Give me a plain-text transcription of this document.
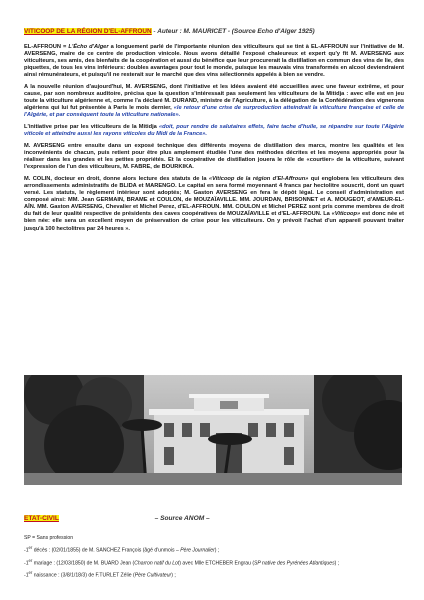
VITICOOP DE LA RÉGION D'EL-AFFROUN - Auteur : M. MAURICET - (Source Echo d'Alger 1925)

EL-AFFROUN = L'Écho d'Alger a longuement parlé de l'importante réunion des viticulteurs qui se tint à EL-AFFROUN sur l'initiative de M. AVERSENG, maire de ce centre de production vinicole. Nous avons détaillé l'exposé chaleureux et expert qu'y fit M. AVERSENG aux viticulteurs, ses amis, des bienfaits de la coopération et aussi du bénéfice que leur procurerait la distillation en commun des vins de lie, des piquettes, de tous les vins inférieurs: doubles avantages pour tout le monde, puisque les mauvais vins transformés en alcool deviendraient ainsi rémunérateurs, et puisqu'il ne resterait sur le marché que des vins sélectionnés appelés à bien se vendre.

A la nouvelle réunion d'aujourd'hui, M. AVERSENG, dont l'initiative et les idées avaient été accueillies avec une faveur extrême, et pour cause, par son nombreux auditoire, précisa que la question s'intéressait pas seulement les viticulteurs de la Mitidja : avec elle est en jeu toute la viticulture algérienne et, comme l'a déclaré M. DURAND, ministre de l'Agriculture, à la délégation de la Confédération des vignerons algériens qui lui fut présentée à Paris le mois dernier, «le retour d'une crise de surproduction atteindrait la viticulture française et celle de l'Algérie, et par conséquent toute la viticulture nationale».

L'initiative prise par les viticulteurs de la Mitidja «doit, pour rendre de salutaires effets, faire tache d'huile, se répandre sur toute l'Algérie viticole et atteindre aussi les rayons viticoles du Midi de la France».

M. AVERSENG entre ensuite dans un exposé technique des différents moyens de distillation des marcs, montre les qualités et les inconvénients de chacun, puis retient pour être plus amplement étudiée l'une des méthodes décrites et les moyens appropriés pour la réaliser dans les grandes et les petites propriétés. Et la coopérative de distillation jouera le rôle de «courtier» de la viticulture, suivant l'expression de l'un des viticulteurs, M. FABRE, de BOURKIKA.

M. COLIN, docteur en droit, donne alors lecture des statuts de la «Viticoop de la région d'El-Affroun» qui englobera les viticulteurs des arrondissements administratifs de BLIDA et MARENGO. Le capital en sera formé moyennant 4 francs par hectolitre souscrit, dont un quart versé. Les statuts, le règlement intérieur sont adoptés; M. Gaston AVERSENG en fera le dépôt légal. Le conseil d'administration est composé ainsi: MM. Jean GERMAIN, BRAME et COULON, de MOUZAÏAVILLE. MM. JOURDAN, BRISONNET et A. MOUGEOT, d'AMEUR-EL-AÏN. MM. Gaston AVERSENG, Chevalier et Michel Perez, d'EL-AFFROUN. MM. COULON et Michel PEREZ sont pris comme membres de droit du fait de leur qualité respective de présidents des caves coopératives de MOUZAÏAVILLE et d'EL-AFFROUN. La «Viticoop» est donc née et bien née: elle sera un excellent moyen de préservation de crise pour les viticulteurs. On y prévoit l'achat d'un appareil pouvant traiter jusqu'à 100 hectolitres par 24 heures ».

ETAT-CIVIL	– Source ANOM –
SP = Sans profession
-1er décès : (02/01/1855) de M. SANCHEZ François (âgé d'unmois – Père Journalier) ;
-1er mariage : (12/03/1850) de M. BUARD Jean (Charron natif du Lot) avec Mlle ETCHEBER Engrau (SP native des Pyrénées Atlantiques) ;
-1er naissance : (3/8/1/18/3) de F.TURLET Zélie (Père Cultivateur) ;
